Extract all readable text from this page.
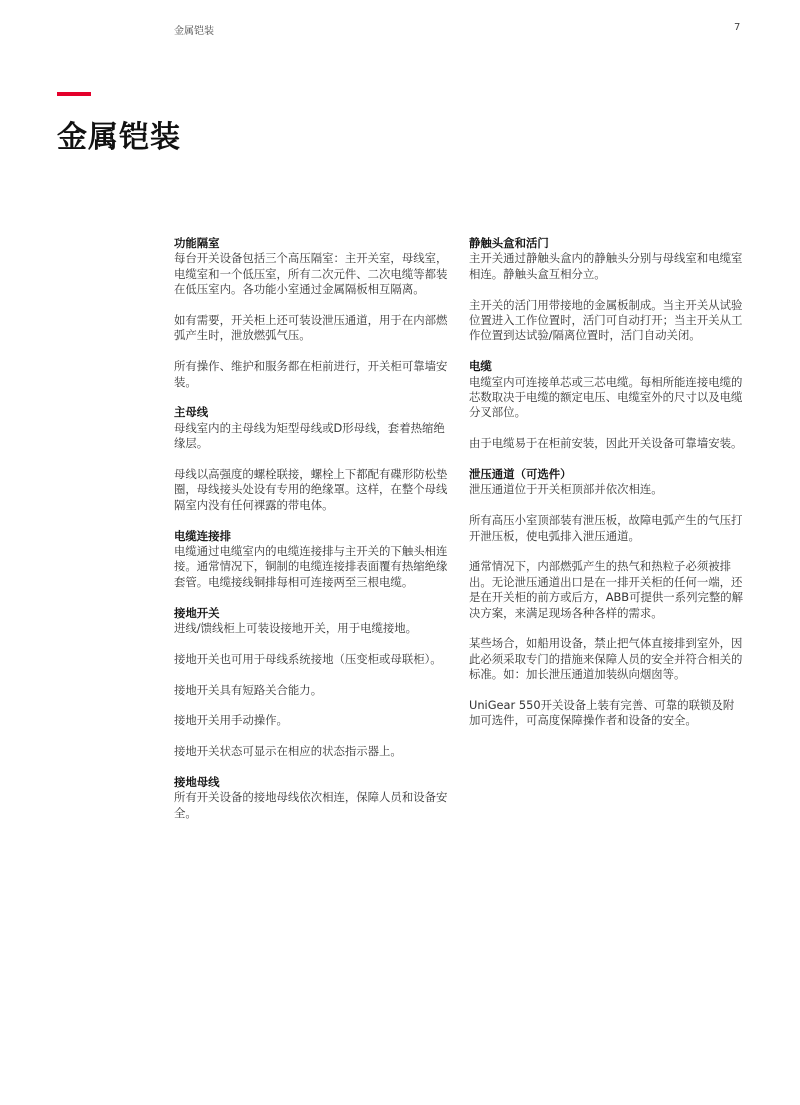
金属铠装	7
金属铠装
功能隔室

每台开关设备包括三个高压隔室：主开关室，母线室，电缆室和一个低压室，所有二次元件、二次电缆等都装在低压室内。各功能小室通过金属隔板相互隔离。

如有需要，开关柜上还可装设泄压通道，用于在内部燃弧产生时，泄放燃弧气压。

所有操作、维护和服务都在柜前进行，开关柜可靠墙安装。

主母线

母线室内的主母线为矩型母线或D形母线，套着热缩绝缘层。

母线以高强度的螺栓联接，螺栓上下都配有碟形防松垫圈，母线接头处设有专用的绝缘罩。这样，在整个母线隔室内没有任何裸露的带电体。

电缆连接排

电缆通过电缆室内的电缆连接排与主开关的下触头相连接。通常情况下，铜制的电缆连接排表面覆有热缩绝缘套管。电缆接线铜排每相可连接两至三根电缆。

接地开关

进线/馈线柜上可装设接地开关，用于电缆接地。

接地开关也可用于母线系统接地（压变柜或母联柜）。

接地开关具有短路关合能力。

接地开关用手动操作。

接地开关状态可显示在相应的状态指示器上。

接地母线

所有开关设备的接地母线依次相连，保障人员和设备安全。

静触头盒和活门

主开关通过静触头盒内的静触头分别与母线室和电缆室相连。静触头盒互相分立。

主开关的活门用带接地的金属板制成。当主开关从试验位置进入工作位置时，活门可自动打开；当主开关从工作位置到达试验/隔离位置时，活门自动关闭。

电缆

电缆室内可连接单芯或三芯电缆。每相所能连接电缆的芯数取决于电缆的额定电压、电缆室外的尺寸以及电缆分叉部位。

由于电缆易于在柜前安装，因此开关设备可靠墙安装。

泄压通道（可选件）

泄压通道位于开关柜顶部并依次相连。

所有高压小室顶部装有泄压板，故障电弧产生的气压打开泄压板，使电弧排入泄压通道。

通常情况下，内部燃弧产生的热气和热粒子必须被排出。无论泄压通道出口是在一排开关柜的任何一端，还是在开关柜的前方或后方，ABB可提供一系列完整的解决方案，来满足现场各种各样的需求。

某些场合，如船用设备，禁止把气体直接排到室外，因此必须采取专门的措施来保障人员的安全并符合相关的标准。如：加长泄压通道加装纵向烟囱等。

UniGear 550开关设备上装有完善、可靠的联锁及附加可选件，可高度保障操作者和设备的安全。
